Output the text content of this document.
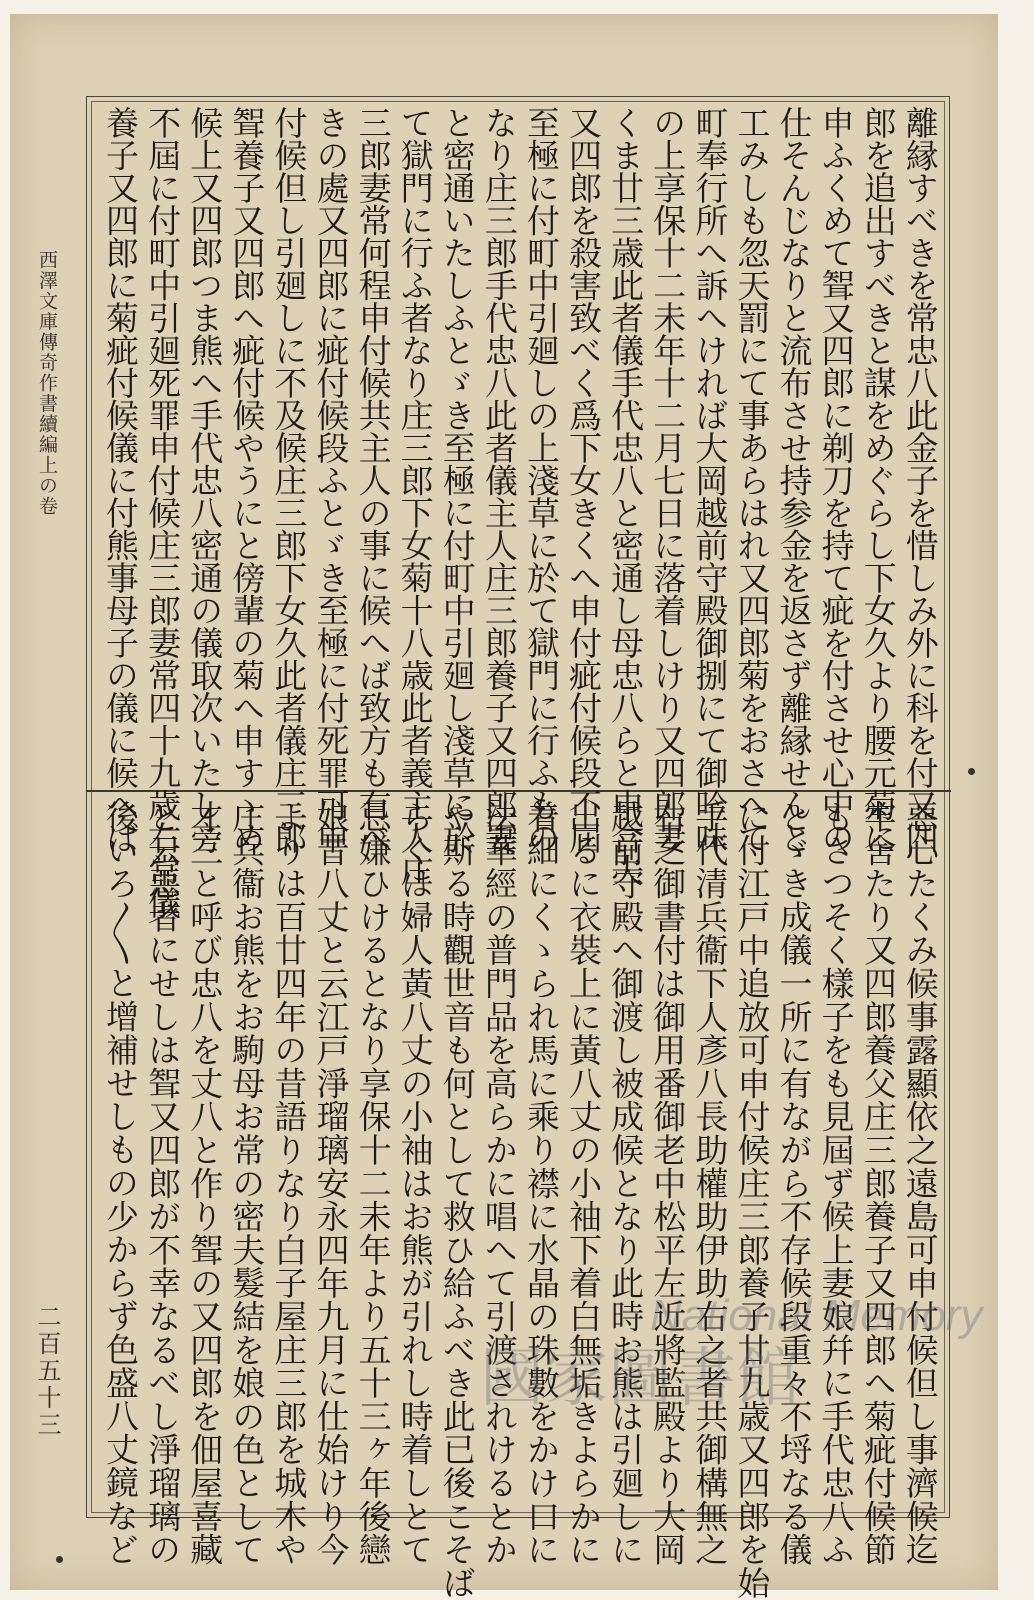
西澤文庫傳奇作書續編上の卷
二百五十三
離縁すべきを常忠八此金子を惜しみ外に科を付又四
郎を追出すべきと謀をめぐらし下女久より腰元菊に
申ふくめて聟又四郎に剃刀を持て疵を付させ心中の
仕そんじなりと流布させ持参金を返さず離縁せんと
工みしも忽天罰にて事あらはれ又四郎菊をおさへて
町奉行所へ訴へければ大岡越前守殿御捌にて御吟味
の上享保十二未年十二月七日に落着しけり又四郎妻
くま廿三歳此者儀手代忠八と密通し母忠八らと申合夫
又四郎を殺害致べく爲下女きくへ申付疵付候段不屆
至極に付町中引廻しの上淺草に於て獄門に行ふもの
なり庄三郎手代忠八此者儀主人庄三郎養子又四郎妻
と密通いたしふとゞき至極に付町中引廻し淺草に於
て獄門に行ふ者なり庄三郎下女菊十八歳此者義主人庄
三郎妻常何程申付候共主人の事に候へば致方も有べ
きの處又四郎に疵付候段ふとゞき至極に付死罪可申
付候但し引廻しに不及候庄三郎下女久此者儀庄三郎
聟養子又四郎へ疵付候やうにと傍輩の菊へ申すゝめ
候上又四郎つま熊へ手代忠八密通の儀取次いたし旁
不屆に付町中引廻死罪申付候庄三郎妻常四十九歳右常儀
養子又四郎に菊疵付候儀に付熊事母子の儀に候へば
惡心たくみ候事露顯依之遠島可申付候但し事濟候迄
牢舍たり又四郎養父庄三郎養子又四郎へ菊疵付候節
もさつそく樣子をも見屆ず候上妻娘幷に手代忠八ふ
とゞき成儀一所に有ながら不存候段重々不埒なる儀
に付江戸中追放可申付候庄三郎養子廿九歳又四郎を始
手代清兵衞下人彥八長助權助伊助右之者共御構無之
右之御書付は御用番御老中松平左近將監殿より大岡
越前守殿へ御渡し被成候となり此時お熊は引廻しに
出るに衣裝上に黃八丈の小袖下着白無垢きよらかに
着細にくゝられ馬に乘り襟に水晶の珠數をかけ口に
法華經の普門品を高らかに唱へて引渡されけるとか
や斯る時觀世音も何として救ひ給ふべき此已後こそば
らくは婦人黃八丈の小袖はお熊が引れし時着しとて
忌嫌ひけるとなり享保十二未年より五十三ヶ年後戀
娘昔八丈と云江戸淨瑠璃安永四年九月に仕始けり今
よりは百廿四年の昔語りなり白子屋庄三郎を城木や
庄兵衞お熊をお駒母お常の密夫髮結を娘の色として
才三と呼び忠八を丈八と作り聟の又四郎を佃屋喜藏
と云惡者にせしは聟又四郎が不幸なるべし淨瑠璃の
後いろ〳〵と增補せしもの少からず色盛八丈鏡など	National Memory
國家圖書館
